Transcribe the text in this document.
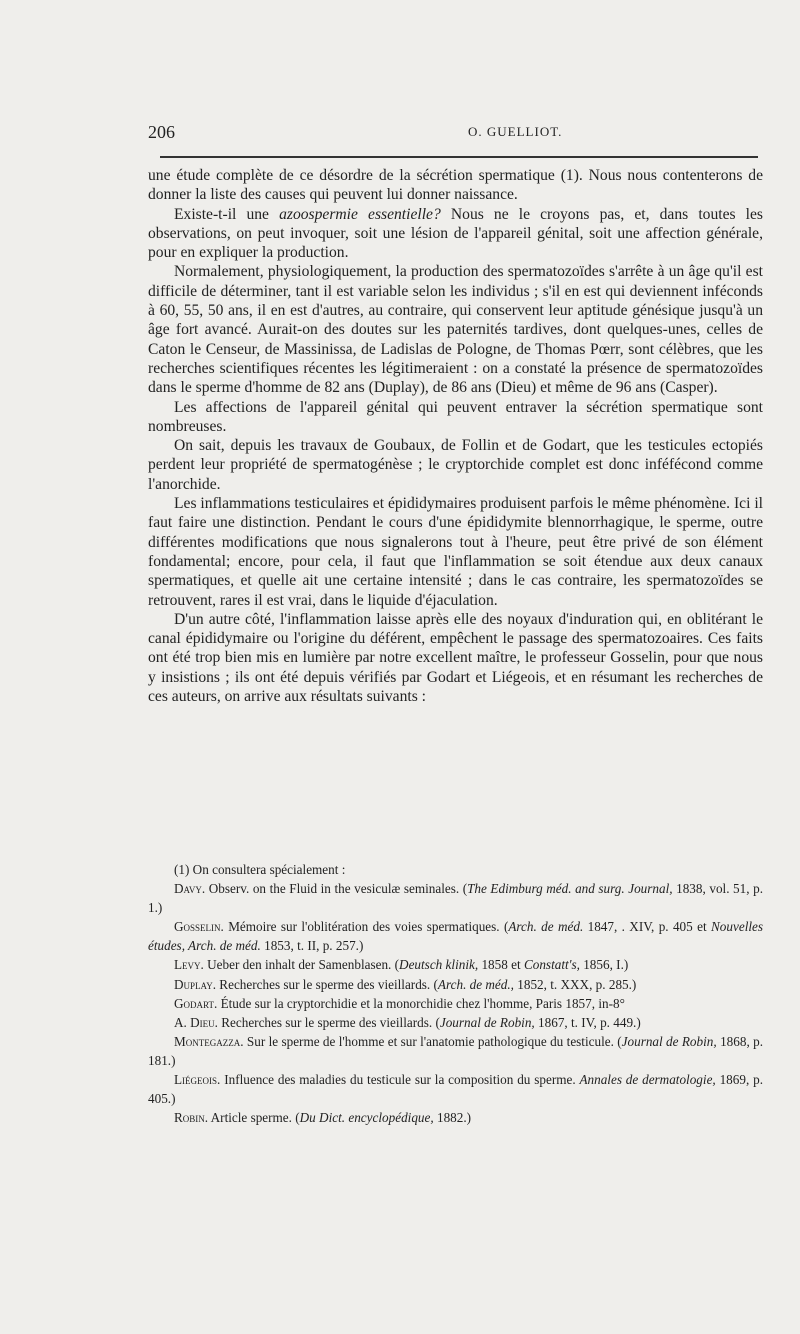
206	O. GUELLIOT.

une étude complète de ce désordre de la sécrétion spermatique (1). Nous nous contenterons de donner la liste des causes qui peuvent lui donner naissance.

Existe-t-il une azoospermie essentielle? Nous ne le croyons pas, et, dans toutes les observations, on peut invoquer, soit une lésion de l'appareil génital, soit une affection générale, pour en expliquer la production.

Normalement, physiologiquement, la production des spermatozoïdes s'arrête à un âge qu'il est difficile de déterminer, tant il est variable selon les individus ; s'il en est qui deviennent inféconds à 60, 55, 50 ans, il en est d'autres, au contraire, qui conservent leur aptitude génésique jusqu'à un âge fort avancé. Aurait-on des doutes sur les paternités tardives, dont quelques-unes, celles de Caton le Censeur, de Massinissa, de Ladislas de Pologne, de Thomas Pœrr, sont célèbres, que les recherches scientifiques récentes les légitimeraient : on a constaté la présence de spermatozoïdes dans le sperme d'homme de 82 ans (Duplay), de 86 ans (Dieu) et même de 96 ans (Casper).

Les affections de l'appareil génital qui peuvent entraver la sécrétion spermatique sont nombreuses.

On sait, depuis les travaux de Goubaux, de Follin et de Godart, que les testicules ectopiés perdent leur propriété de spermatogénèse ; le cryptorchide complet est donc inféfécond comme l'anorchide.

Les inflammations testiculaires et épididymaires produisent parfois le même phénomène. Ici il faut faire une distinction. Pendant le cours d'une épididymite blennorrhagique, le sperme, outre différentes modifications que nous signalerons tout à l'heure, peut être privé de son élément fondamental; encore, pour cela, il faut que l'inflammation se soit étendue aux deux canaux spermatiques, et quelle ait une certaine intensité ; dans le cas contraire, les spermatozoïdes se retrouvent, rares il est vrai, dans le liquide d'éjaculation.

D'un autre côté, l'inflammation laisse après elle des noyaux d'induration qui, en oblitérant le canal épididymaire ou l'origine du déférent, empêchent le passage des spermatozoaires. Ces faits ont été trop bien mis en lumière par notre excellent maître, le professeur Gosselin, pour que nous y insistions ; ils ont été depuis vérifiés par Godart et Liégeois, et en résumant les recherches de ces auteurs, on arrive aux résultats suivants :

(1) On consultera spécialement :

Davy. Observ. on the Fluid in the vesiculæ seminales. (The Edimburg méd. and surg. Journal, 1838, vol. 51, p. 1.)

Gosselin. Mémoire sur l'oblitération des voies spermatiques. (Arch. de méd. 1847, . XIV, p. 405 et Nouvelles études, Arch. de méd. 1853, t. II, p. 257.)

Levy. Ueber den inhalt der Samenblasen. (Deutsch klinik, 1858 et Constatt's, 1856, I.)

Duplay. Recherches sur le sperme des vieillards. (Arch. de méd., 1852, t. XXX, p. 285.)

Godart. Étude sur la cryptorchidie et la monorchidie chez l'homme, Paris 1857, in-8°

A. Dieu. Recherches sur le sperme des vieillards. (Journal de Robin, 1867, t. IV, p. 449.)

Montegazza. Sur le sperme de l'homme et sur l'anatomie pathologique du testicule. (Journal de Robin, 1868, p. 181.)

Liégeois. Influence des maladies du testicule sur la composition du sperme. Annales de dermatologie, 1869, p. 405.)

Robin. Article sperme. (Du Dict. encyclopédique, 1882.)
